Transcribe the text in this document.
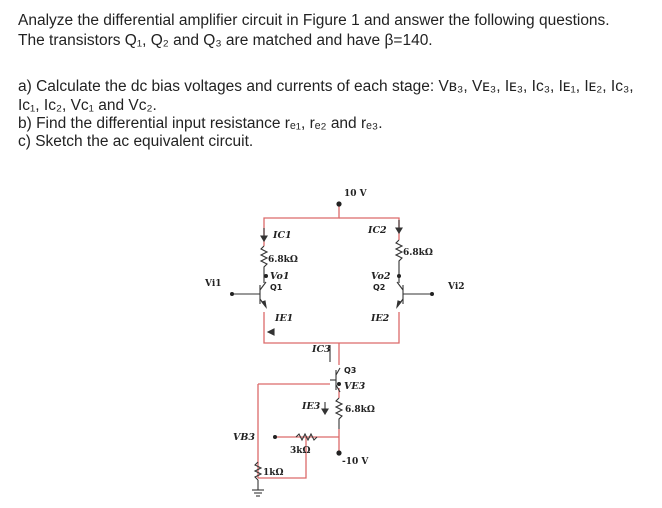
Analyze the differential amplifier circuit in Figure 1 and answer the following questions.
The transistors Q₁, Q₂ and Q₃ are matched and have β=140.
a) Calculate the dc bias voltages and currents of each stage: Vʙ₃, Vᴇ₃, Iᴇ₃, Iᴄ₃, Iᴇ₁, Iᴇ₂, Iᴄ₃,
Iᴄ₁, Iᴄ₂, Vᴄ₁ and Vᴄ₂.
b) Find the differential input resistance rₑ₁, rₑ₂ and rₑ₃.
c) Sketch the ac equivalent circuit.
10 V
IC1	IC2
6.8kΩ
6.8kΩ
Vo1	Vo2
Q1	Q2
Vi1	Vi2
IE1	IE2
IC3
Q3
VE3
IE3	6.8kΩ
VB3
3kΩ
-10 V
1kΩ
